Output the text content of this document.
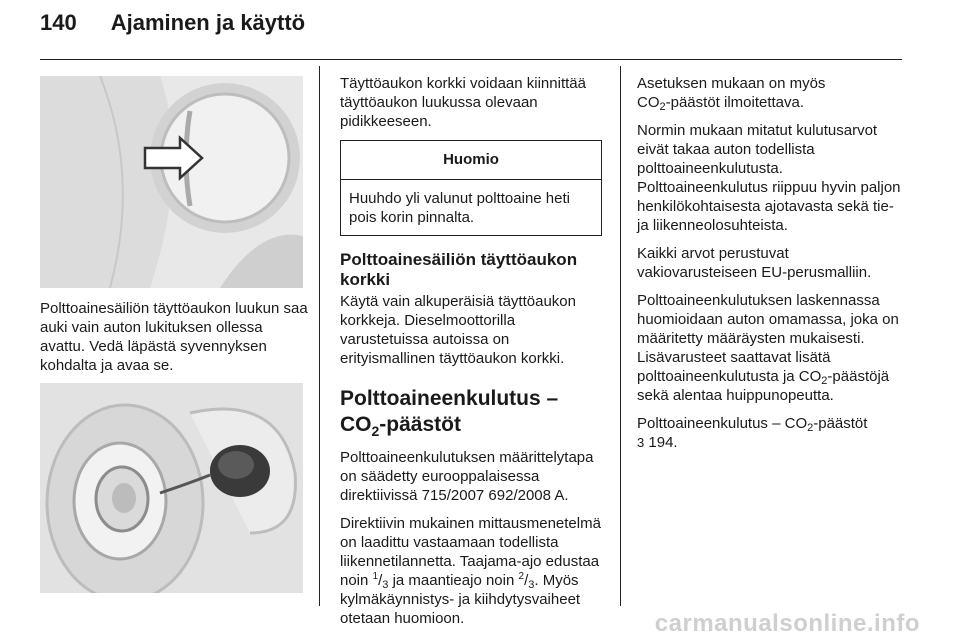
140 Ajaminen ja käyttö
Polttoainesäiliön täyttöaukon luukun saa auki vain auton lukituksen ollessa avattu. Vedä läpästä syvennyksen kohdalta ja avaa se.

Täyttöaukon korkki voidaan kiinnittää täyttöaukon luukussa olevaan pidikkeeseen.

Huomio
Huuhdo yli valunut polttoaine heti pois korin pinnalta.
Polttoainesäiliön täyttöaukon korkki

Käytä vain alkuperäisiä täyttöaukon korkkeja. Dieselmoottorilla varustetuissa autoissa on erityismallinen täyttöaukon korkki.

Polttoaineenkulutus –
$CO_2$-päästöt

Polttoaineenkulutuksen määrittelytapa on säädetty eurooppalaisessa direktiivissä 715/2007 692/2008 A.

Direktiivin mukainen mittausmenetelmä on laadittu vastaamaan todellista liikennetilannetta. Taajama-ajo edustaa noin $^1/_3$ ja maantieajo noin $^2/_3$. Myös kylmäkäynnistys- ja kiihdytysvaiheet otetaan huomioon.

Asetuksen mukaan on myös
$CO_2$-päästöt ilmoitettava.

Normin mukaan mitatut kulutusarvot eivät takaa auton todellista polttoaineenkulutusta. Polttoaineenkulutus riippuu hyvin paljon henkilökohtaisesta ajotavasta sekä tie- ja liikenneolosuhteista.

Kaikki arvot perustuvat vakiovarusteiseen EU-perusmalliin.

Polttoaineenkulutuksen laskennassa huomioidaan auton omamassa, joka on määritetty määräysten mukaisesti. Lisävarusteet saattavat lisätä polttoaineenkulutusta ja $CO_2$-päästöjä sekä alentaa huippunopeutta.

Polttoaineenkulutus – $CO_2$-päästöt
3 194.

carmanualsonline.info
